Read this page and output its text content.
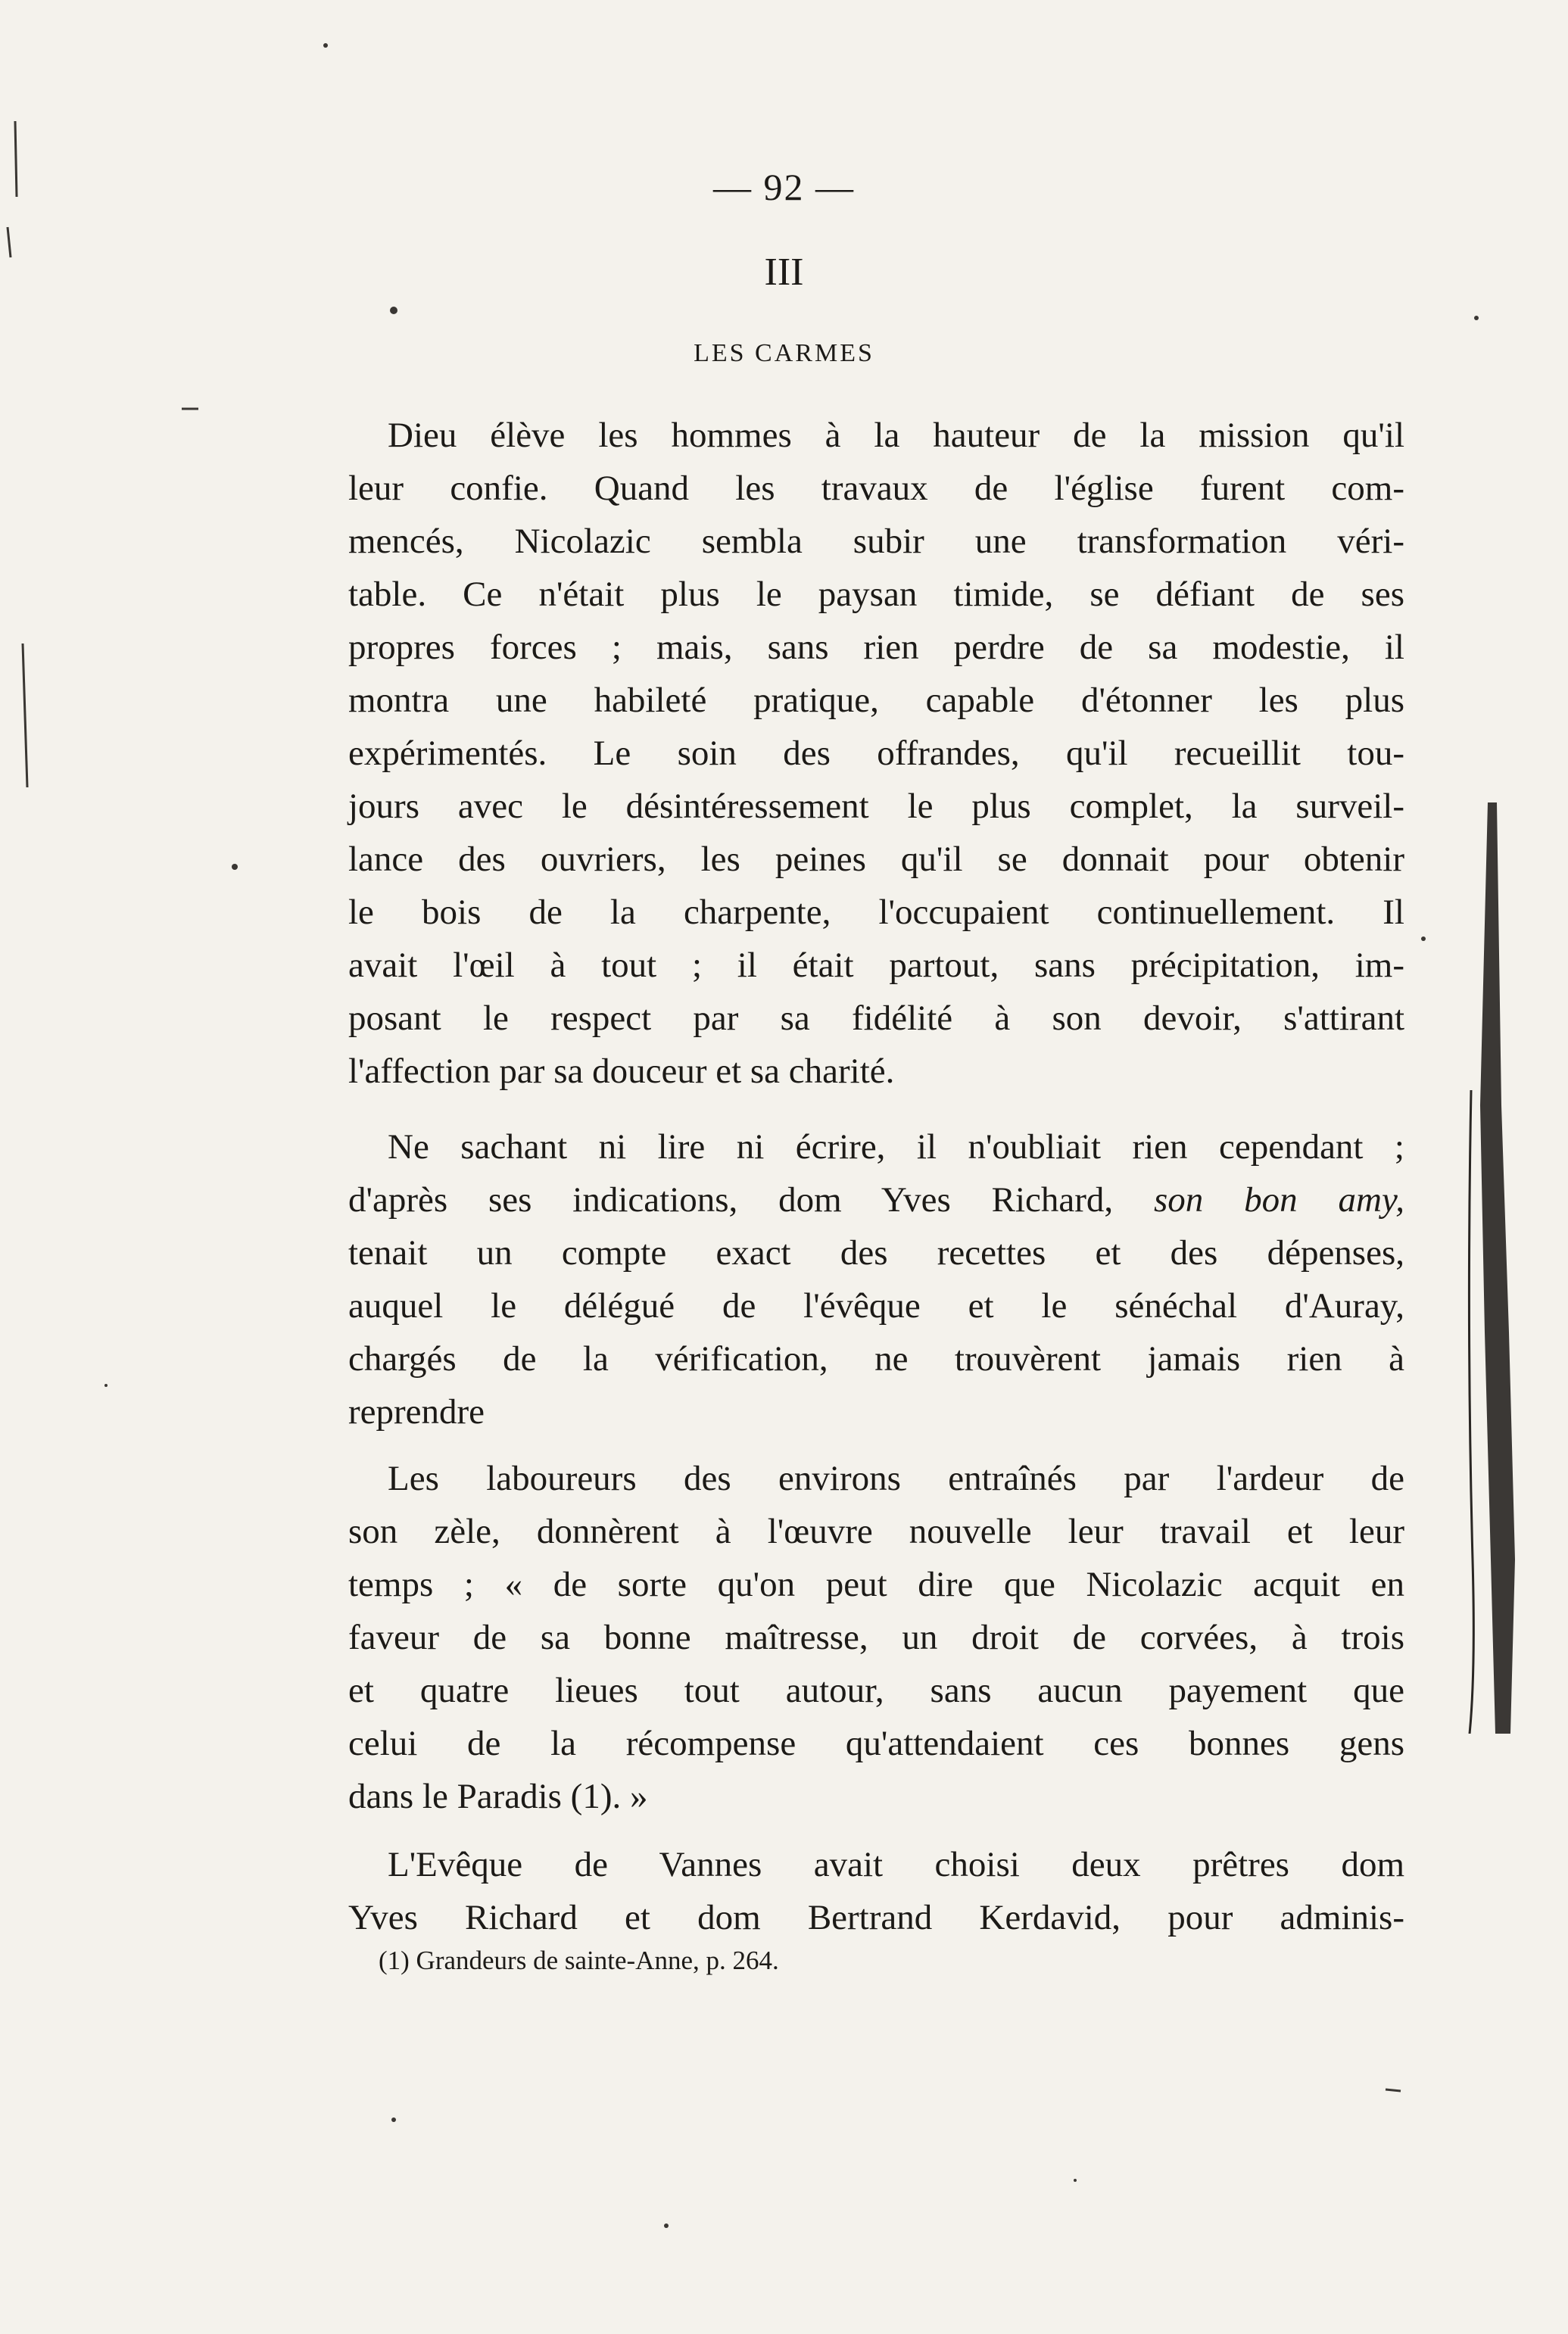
— 92 —
III
LES CARMES
Dieu élève les hommes à la hauteur de la mission qu'il
leur confie. Quand les travaux de l'église furent com-
mencés, Nicolazic sembla subir une transformation véri-
table. Ce n'était plus le paysan timide, se défiant de ses
propres forces ; mais, sans rien perdre de sa modestie, il
montra une habileté pratique, capable d'étonner les plus
expérimentés. Le soin des offrandes, qu'il recueillit tou-
jours avec le désintéressement le plus complet, la surveil-
lance des ouvriers, les peines qu'il se donnait pour obtenir
le bois de la charpente, l'occupaient continuellement. Il
avait l'œil à tout ; il était partout, sans précipitation, im-
posant le respect par sa fidélité à son devoir, s'attirant
l'affection par sa douceur et sa charité.
Ne sachant ni lire ni écrire, il n'oubliait rien cependant ;
d'après ses indications, dom Yves Richard, son bon amy,
tenait un compte exact des recettes et des dépenses,
auquel le délégué de l'évêque et le sénéchal d'Auray,
chargés de la vérification, ne trouvèrent jamais rien à
reprendre
Les laboureurs des environs entraînés par l'ardeur de
son zèle, donnèrent à l'œuvre nouvelle leur travail et leur
temps ; « de sorte qu'on peut dire que Nicolazic acquit en
faveur de sa bonne maîtresse, un droit de corvées, à trois
et quatre lieues tout autour, sans aucun payement que
celui de la récompense qu'attendaient ces bonnes gens
dans le Paradis (1). »
L'Evêque de Vannes avait choisi deux prêtres dom
Yves Richard et dom Bertrand Kerdavid, pour adminis-
(1) Grandeurs de sainte-Anne, p. 264.
